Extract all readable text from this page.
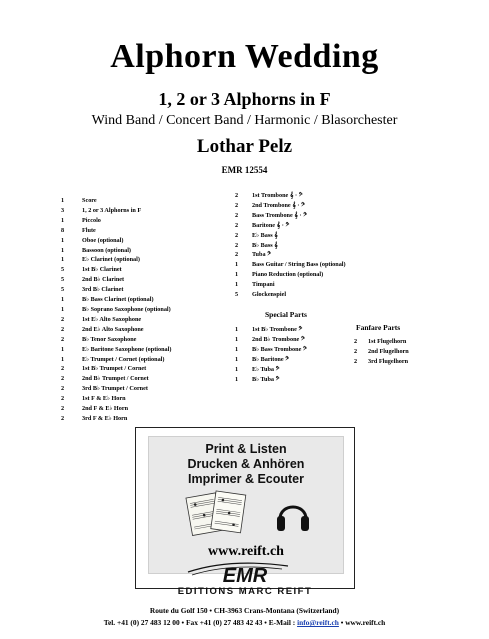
Alphorn Wedding
1, 2 or 3 Alphorns in F
Wind Band / Concert Band / Harmonic / Blasorchester
Lothar Pelz
EMR 12554
1	Score
3	1, 2 or 3 Alphorns in F
1	Piccolo
8	Flute
1	Oboe (optional)
1	Bassoon (optional)
1	E♭ Clarinet (optional)
5	1st B♭ Clarinet
5	2nd B♭ Clarinet
5	3rd B♭ Clarinet
1	B♭ Bass Clarinet (optional)
1	B♭ Soprano Saxophone (optional)
2	1st E♭ Alto Saxophone
2	2nd E♭ Alto Saxophone
2	B♭ Tenor Saxophone
1	E♭ Baritone Saxophone (optional)
1	E♭ Trumpet / Cornet (optional)
2	1st B♭ Trumpet / Cornet
2	2nd B♭ Trumpet / Cornet
2	3rd B♭ Trumpet / Cornet
2	1st F & E♭ Horn
2	2nd F & E♭ Horn
2	3rd F & E♭ Horn
2	1st Trombone 𝄞 · 𝄢
2	2nd Trombone 𝄞 · 𝄢
2	Bass Trombone 𝄞 · 𝄢
2	Baritone 𝄞 · 𝄢
2	E♭ Bass 𝄞
2	B♭ Bass 𝄞
2	Tuba 𝄢
1	Bass Guitar / String Bass (optional)
1	Piano Reduction (optional)
1	Timpani
5	Glockenspiel
Special Parts
1	1st B♭ Trombone 𝄢
1	2nd B♭ Trombone 𝄢
1	B♭ Bass Trombone 𝄢
1	B♭ Baritone 𝄢
1	E♭ Tuba 𝄢
1	B♭ Tuba 𝄢
Fanfare Parts
2	1st Flugelhorn
2	2nd Flugelhorn
2	3rd Flugelhorn
Print & Listen
Drucken & Anhören
Imprimer & Ecouter
www.reift.ch
EMR
EDITIONS MARC REIFT
Route du Golf 150 • CH-3963 Crans-Montana (Switzerland)
Tel. +41 (0) 27 483 12 00 • Fax +41 (0) 27 483 42 43 • E-Mail : info@reift.ch • www.reift.ch
